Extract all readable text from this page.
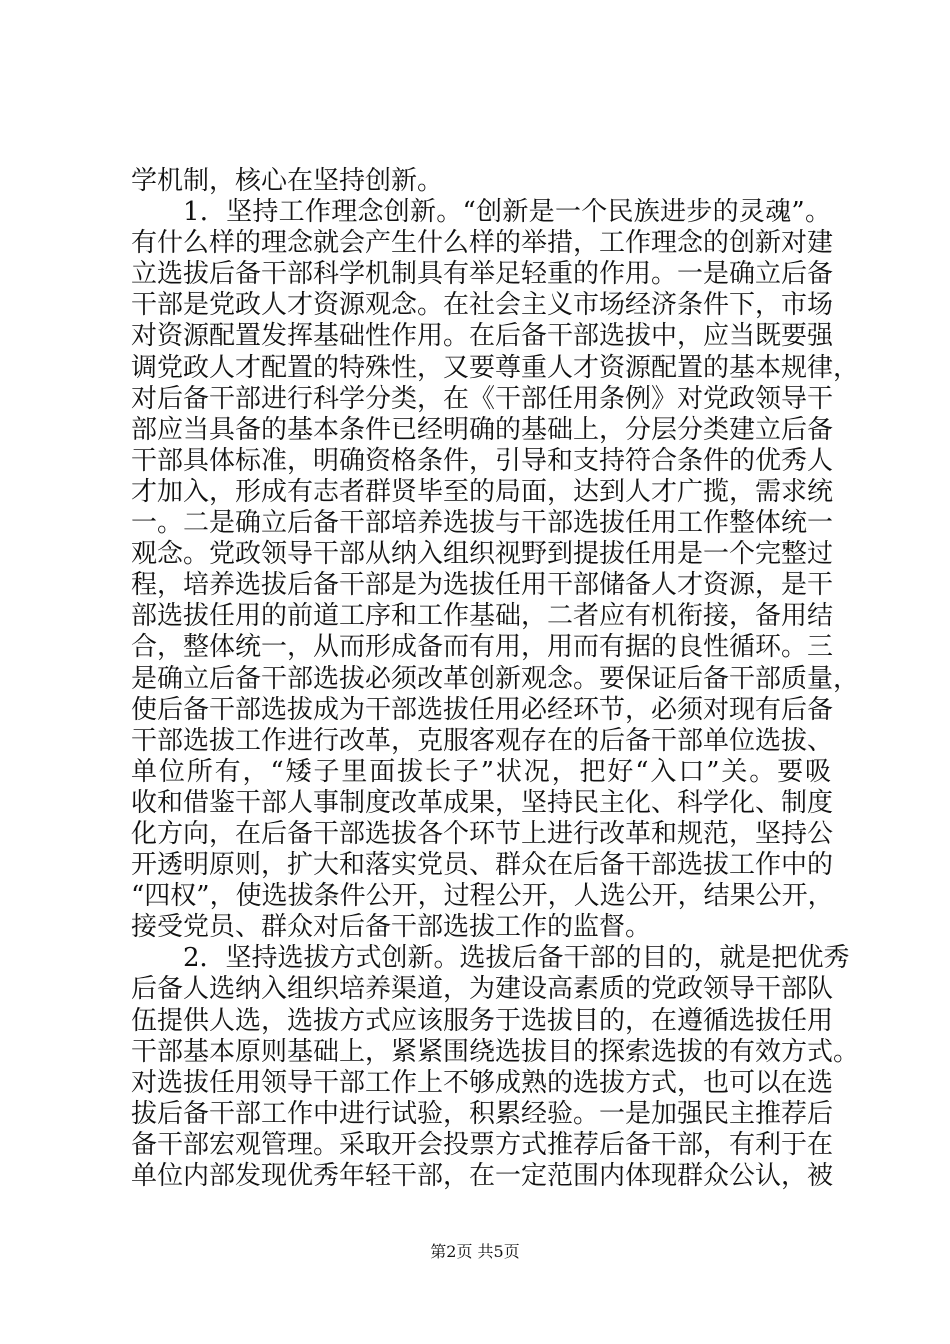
学机制，核心在坚持创新。
1．坚持工作理念创新。“创新是一个民族进步的灵魂”。
有什么样的理念就会产生什么样的举措，工作理念的创新对建
立选拔后备干部科学机制具有举足轻重的作用。一是确立后备
干部是党政人才资源观念。在社会主义市场经济条件下，市场
对资源配置发挥基础性作用。在后备干部选拔中，应当既要强
调党政人才配置的特殊性，又要尊重人才资源配置的基本规律，
对后备干部进行科学分类，在《干部任用条例》对党政领导干
部应当具备的基本条件已经明确的基础上，分层分类建立后备
干部具体标准，明确资格条件，引导和支持符合条件的优秀人
才加入，形成有志者群贤毕至的局面，达到人才广揽，需求统
一。二是确立后备干部培养选拔与干部选拔任用工作整体统一
观念。党政领导干部从纳入组织视野到提拔任用是一个完整过
程，培养选拔后备干部是为选拔任用干部储备人才资源，是干
部选拔任用的前道工序和工作基础，二者应有机衔接，备用结
合，整体统一，从而形成备而有用，用而有据的良性循环。三
是确立后备干部选拔必须改革创新观念。要保证后备干部质量，
使后备干部选拔成为干部选拔任用必经环节，必须对现有后备
干部选拔工作进行改革，克服客观存在的后备干部单位选拔、
单位所有，“矮子里面拔长子”状况，把好“入口”关。要吸
收和借鉴干部人事制度改革成果，坚持民主化、科学化、制度
化方向，在后备干部选拔各个环节上进行改革和规范，坚持公
开透明原则，扩大和落实党员、群众在后备干部选拔工作中的
“四权”，使选拔条件公开，过程公开，人选公开，结果公开，
接受党员、群众对后备干部选拔工作的监督。
2．坚持选拔方式创新。选拔后备干部的目的，就是把优秀
后备人选纳入组织培养渠道，为建设高素质的党政领导干部队
伍提供人选，选拔方式应该服务于选拔目的，在遵循选拔任用
干部基本原则基础上，紧紧围绕选拔目的探索选拔的有效方式。
对选拔任用领导干部工作上不够成熟的选拔方式，也可以在选
拔后备干部工作中进行试验，积累经验。一是加强民主推荐后
备干部宏观管理。采取开会投票方式推荐后备干部，有利于在
单位内部发现优秀年轻干部，在一定范围内体现群众公认，被
第2页 共5页
